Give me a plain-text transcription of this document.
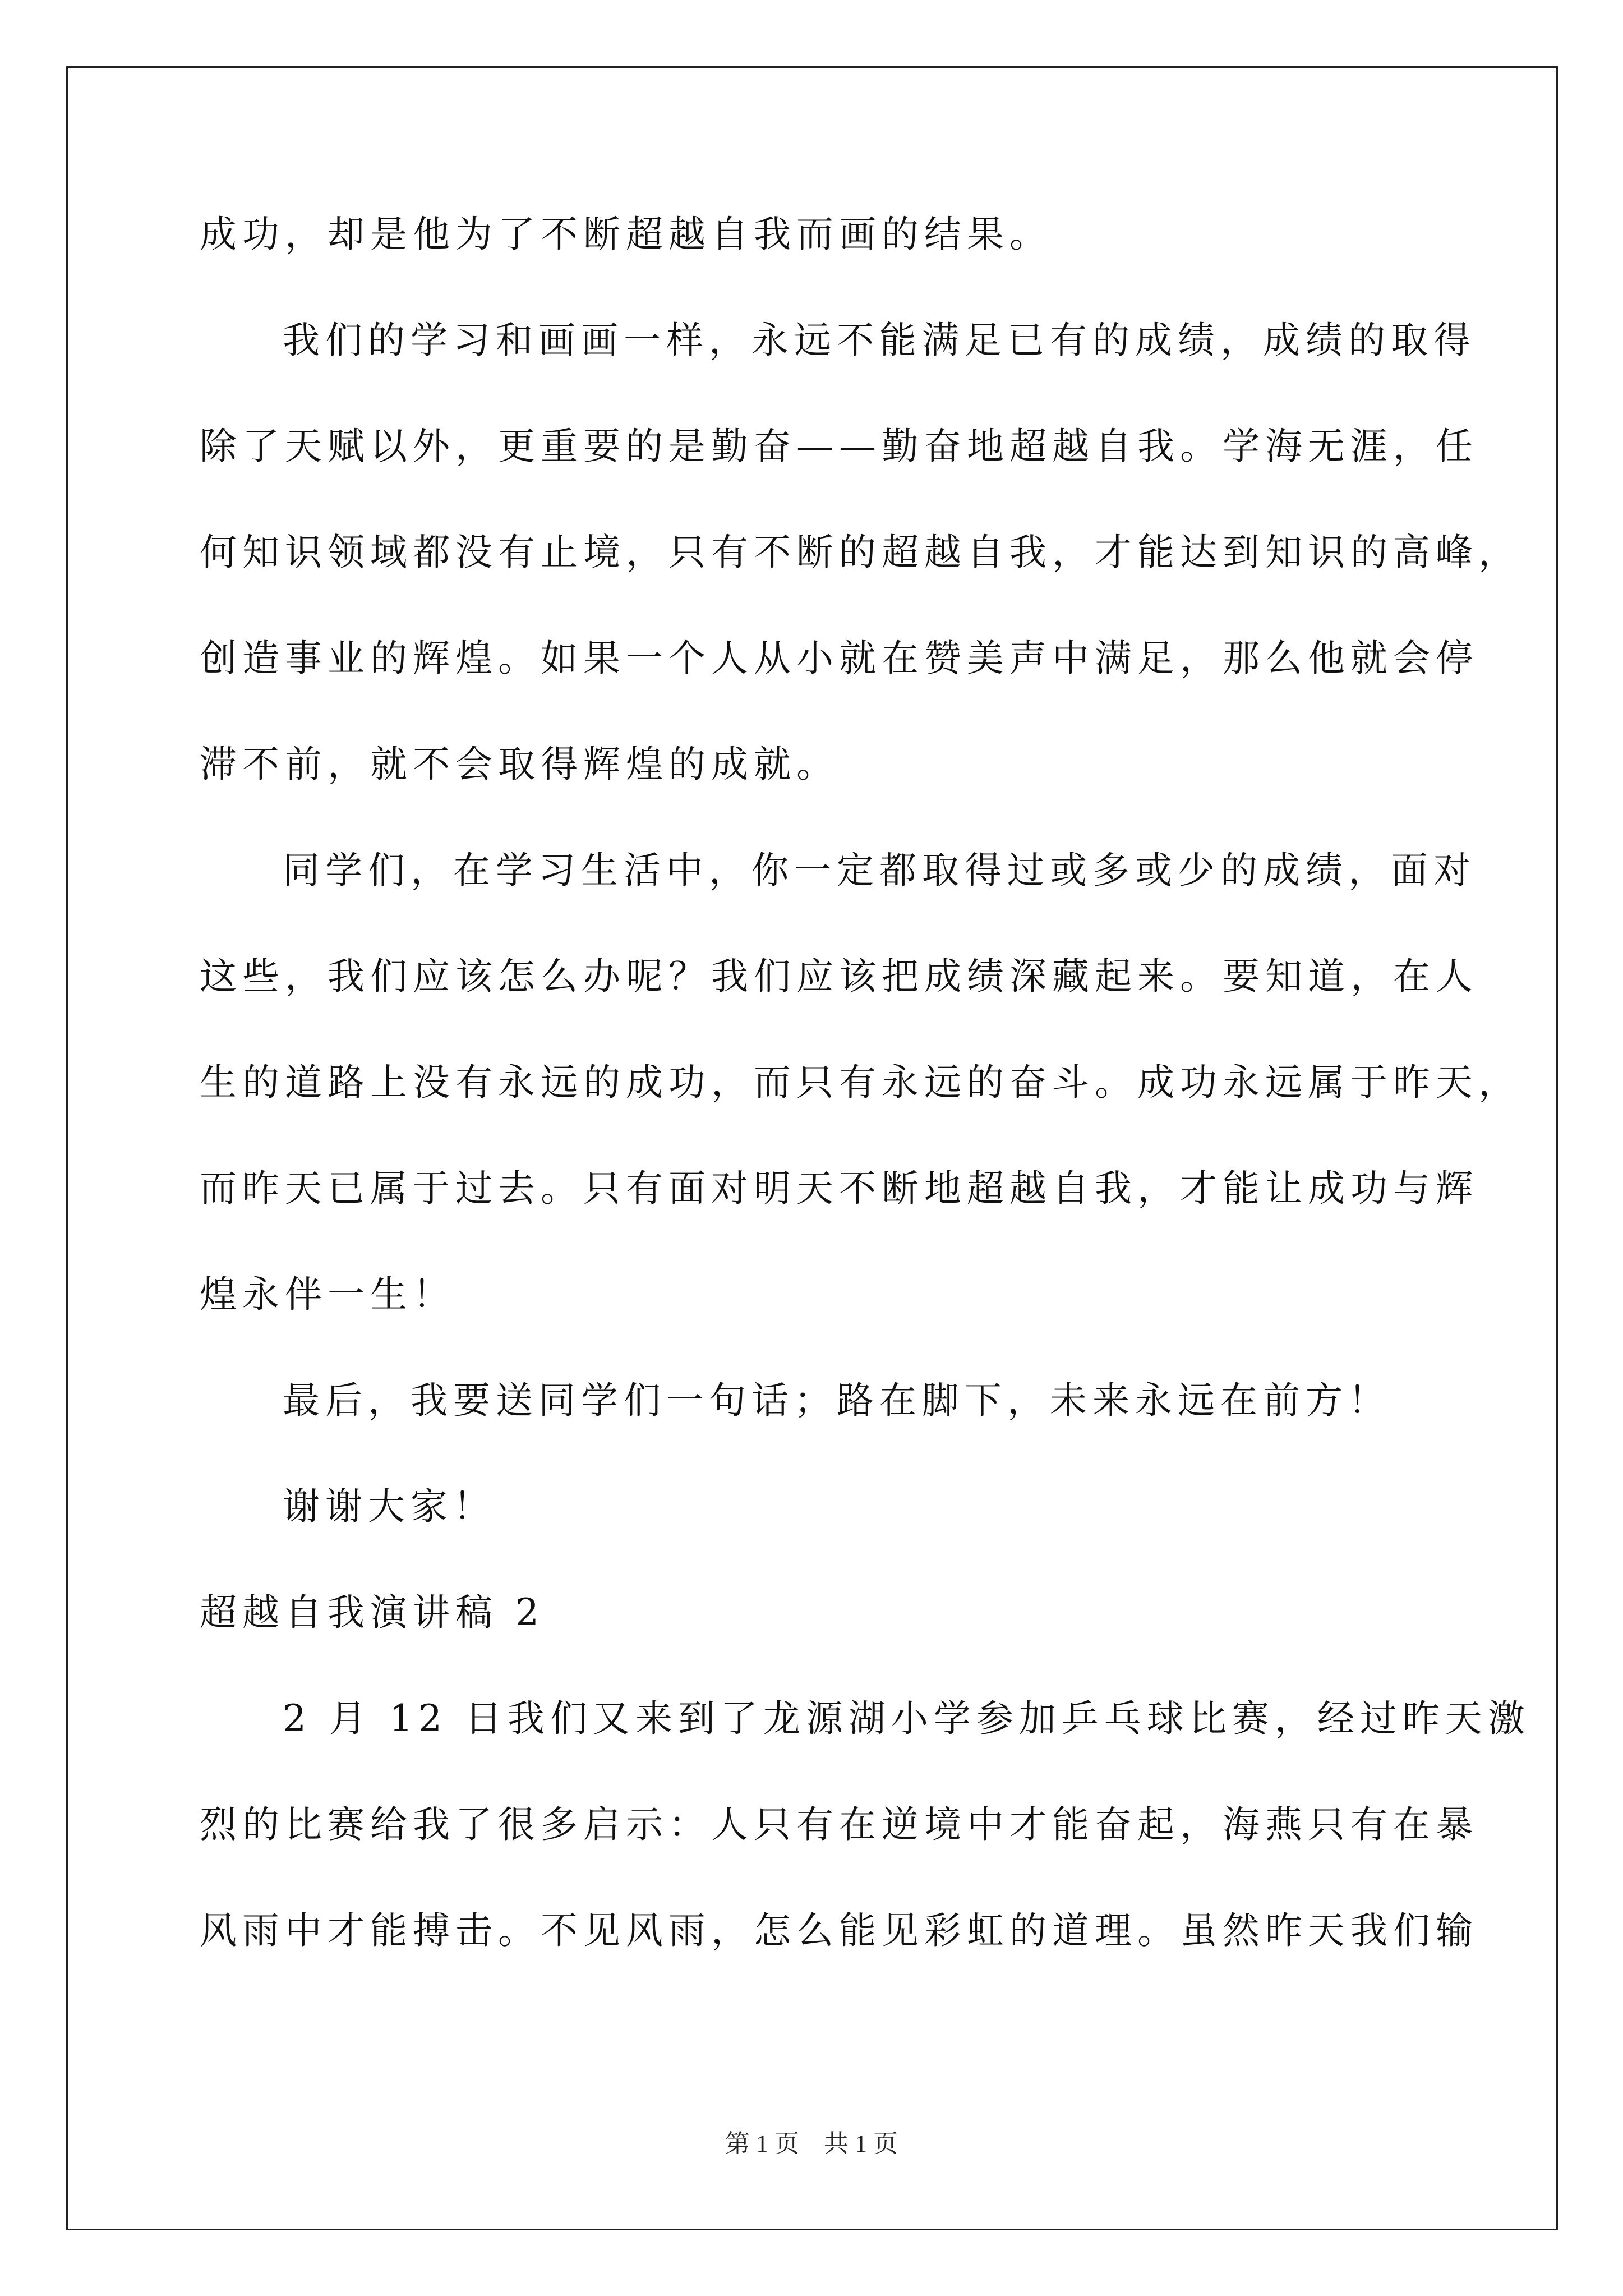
成功，却是他为了不断超越自我而画的结果。
我们的学习和画画一样，永远不能满足已有的成绩，成绩的取得
除了天赋以外，更重要的是勤奋——勤奋地超越自我。学海无涯，任
何知识领域都没有止境，只有不断的超越自我，才能达到知识的高峰，
创造事业的辉煌。如果一个人从小就在赞美声中满足，那么他就会停
滞不前，就不会取得辉煌的成就。
同学们，在学习生活中，你一定都取得过或多或少的成绩，面对
这些，我们应该怎么办呢？我们应该把成绩深藏起来。要知道，在人
生的道路上没有永远的成功，而只有永远的奋斗。成功永远属于昨天，
而昨天已属于过去。只有面对明天不断地超越自我，才能让成功与辉
煌永伴一生！
最后，我要送同学们一句话；路在脚下，未来永远在前方！
谢谢大家！
超越自我演讲稿 2
2 月 12 日我们又来到了龙源湖小学参加乒乓球比赛，经过昨天激
烈的比赛给我了很多启示：人只有在逆境中才能奋起，海燕只有在暴
风雨中才能搏击。不见风雨，怎么能见彩虹的道理。虽然昨天我们输
第 1 页　共 1 页
